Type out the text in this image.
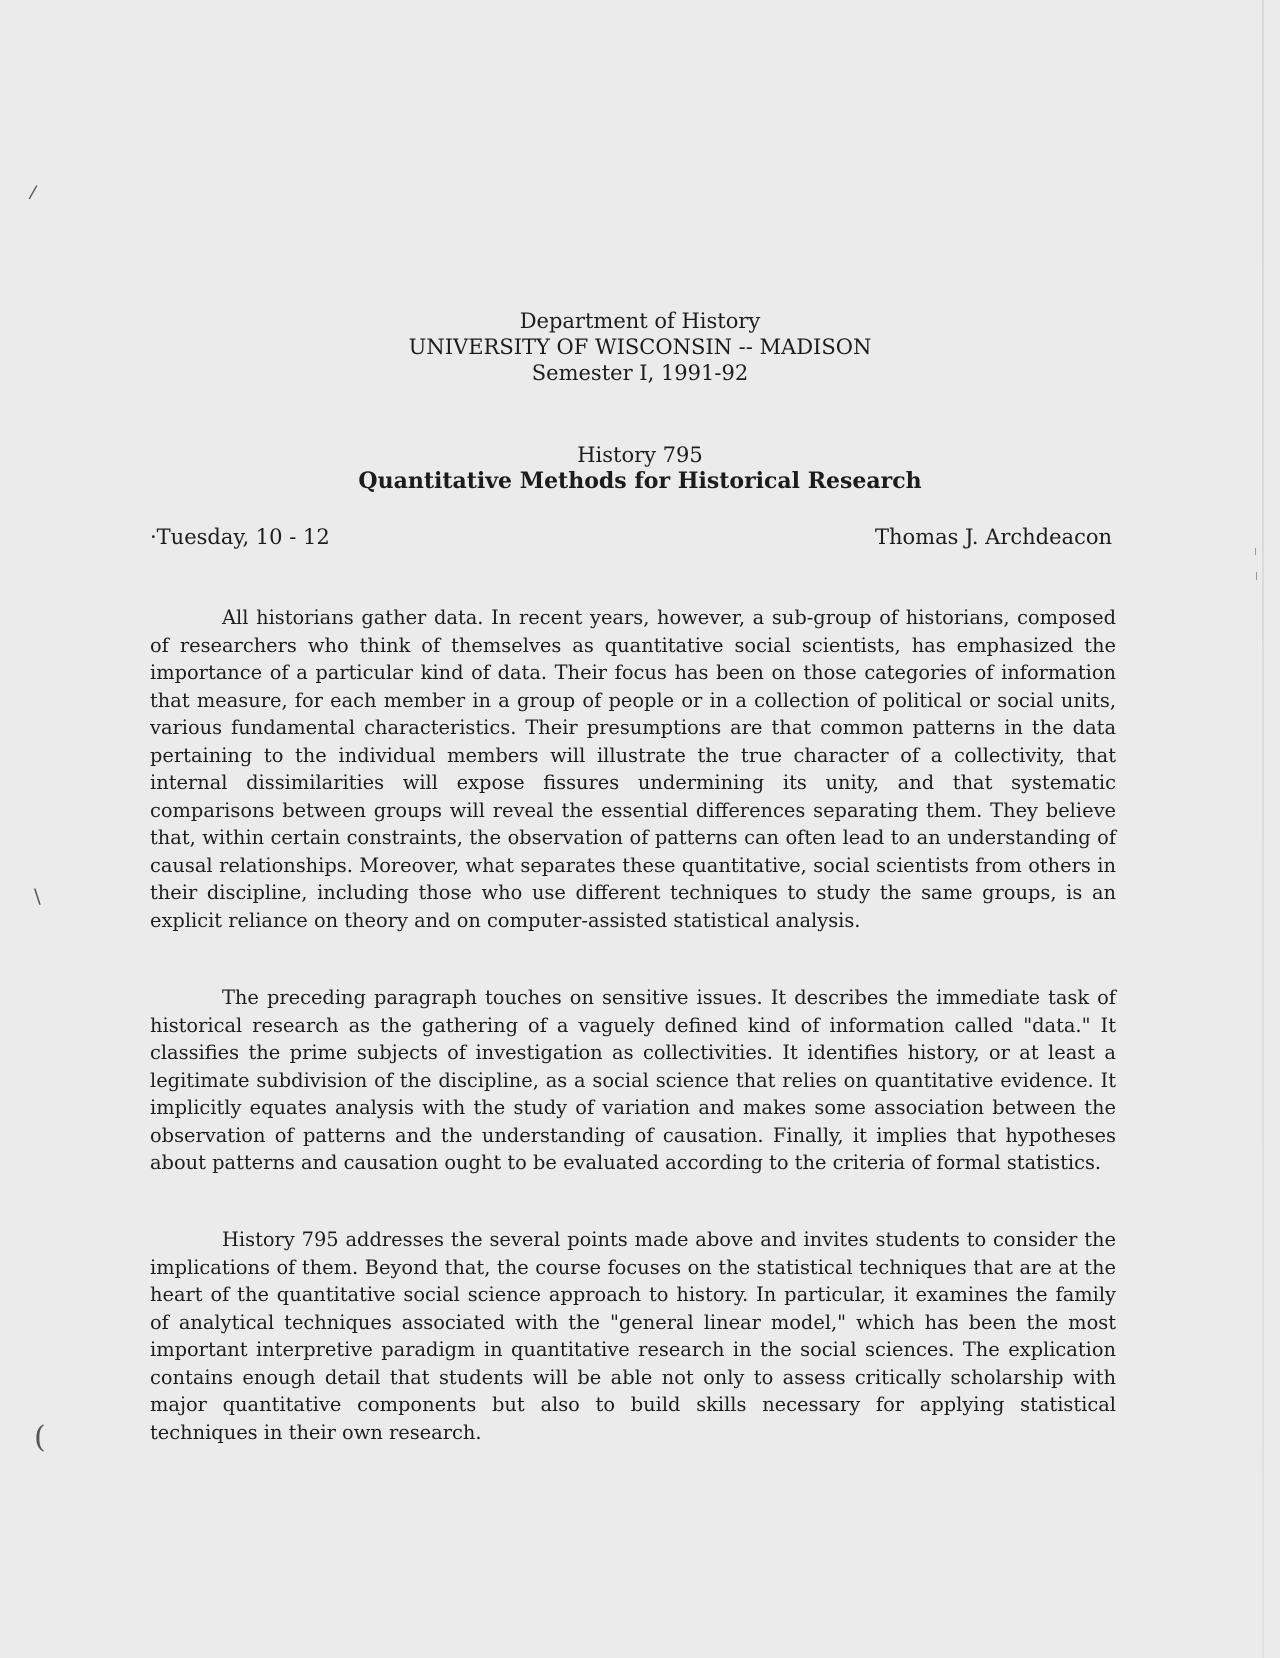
/
\
(
Department of History
UNIVERSITY OF WISCONSIN -- MADISON
Semester I, 1991-92
History 795
Quantitative Methods for Historical Research
·Tuesday, 10 - 12	Thomas J. Archdeacon

All historians gather data. In recent years, however, a sub-group of historians, composed of researchers who think of themselves as quantitative social scientists, has emphasized the importance of a particular kind of data. Their focus has been on those categories of information that measure, for each member in a group of people or in a collection of political or social units, various fundamental characteristics. Their presumptions are that common patterns in the data pertaining to the individual members will illustrate the true character of a collectivity, that internal dissimilarities will expose fissures undermining its unity, and that systematic comparisons between groups will reveal the essential differences separating them. They believe that, within certain constraints, the observation of patterns can often lead to an understanding of causal relationships. Moreover, what separates these quantitative, social scientists from others in their discipline, including those who use different techniques to study the same groups, is an explicit reliance on theory and on computer-assisted statistical analysis.

The preceding paragraph touches on sensitive issues. It describes the immediate task of historical research as the gathering of a vaguely defined kind of information called "data." It classifies the prime subjects of investigation as collectivities. It identifies history, or at least a legitimate subdivision of the discipline, as a social science that relies on quantitative evidence. It implicitly equates analysis with the study of variation and makes some association between the observation of patterns and the understanding of causation. Finally, it implies that hypotheses about patterns and causation ought to be evaluated according to the criteria of formal statistics.

History 795 addresses the several points made above and invites students to consider the implications of them. Beyond that, the course focuses on the statistical techniques that are at the heart of the quantitative social science approach to history. In particular, it examines the family of analytical techniques associated with the "general linear model," which has been the most important interpretive paradigm in quantitative research in the social sciences. The explication contains enough detail that students will be able not only to assess critically scholarship with major quantitative components but also to build skills necessary for applying statistical techniques in their own research.
